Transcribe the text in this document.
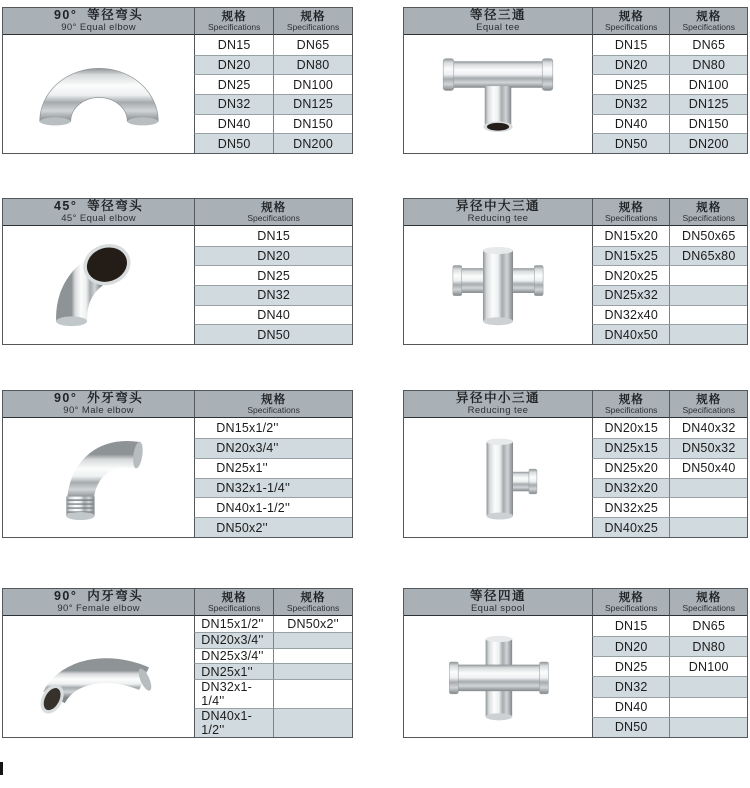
90°  等径弯头
90° Equal elbow
规格
Specifications
规格
Specifications
DN15	DN65
DN20	DN80
DN25	DN100
DN32	DN125
DN40	DN150
DN50	DN200
等径三通
Equal tee
规格
Specifications
规格
Specifications
DN15	DN65
DN20	DN80
DN25	DN100
DN32	DN125
DN40	DN150
DN50	DN200
45°  等径弯头
45° Equal elbow
规格
Specifications
DN15
DN20
DN25
DN32
DN40
DN50
异径中大三通
Reducing tee
规格
Specifications
规格
Specifications
DN15x20	DN50x65
DN15x25	DN65x80
DN20x25
DN25x32
DN32x40
DN40x50
90°  外牙弯头
90° Male elbow
规格
Specifications
DN15x1/2''
DN20x3/4''
DN25x1''
DN32x1-1/4''
DN40x1-1/2''
DN50x2''
异径中小三通
Reducing tee
规格
Specifications
规格
Specifications
DN20x15	DN40x32
DN25x15	DN50x32
DN25x20	DN50x40
DN32x20
DN32x25
DN40x25
90°  内牙弯头
90° Female elbow
规格
Specifications
规格
Specifications
DN15x1/2''	DN50x2''
DN20x3/4''
DN25x3/4''
DN25x1''
DN32x1-1/4''
DN40x1-1/2''
等径四通
Equal spool
规格
Specifications
规格
Specifications
DN15	DN65
DN20	DN80
DN25	DN100
DN32
DN40
DN50
